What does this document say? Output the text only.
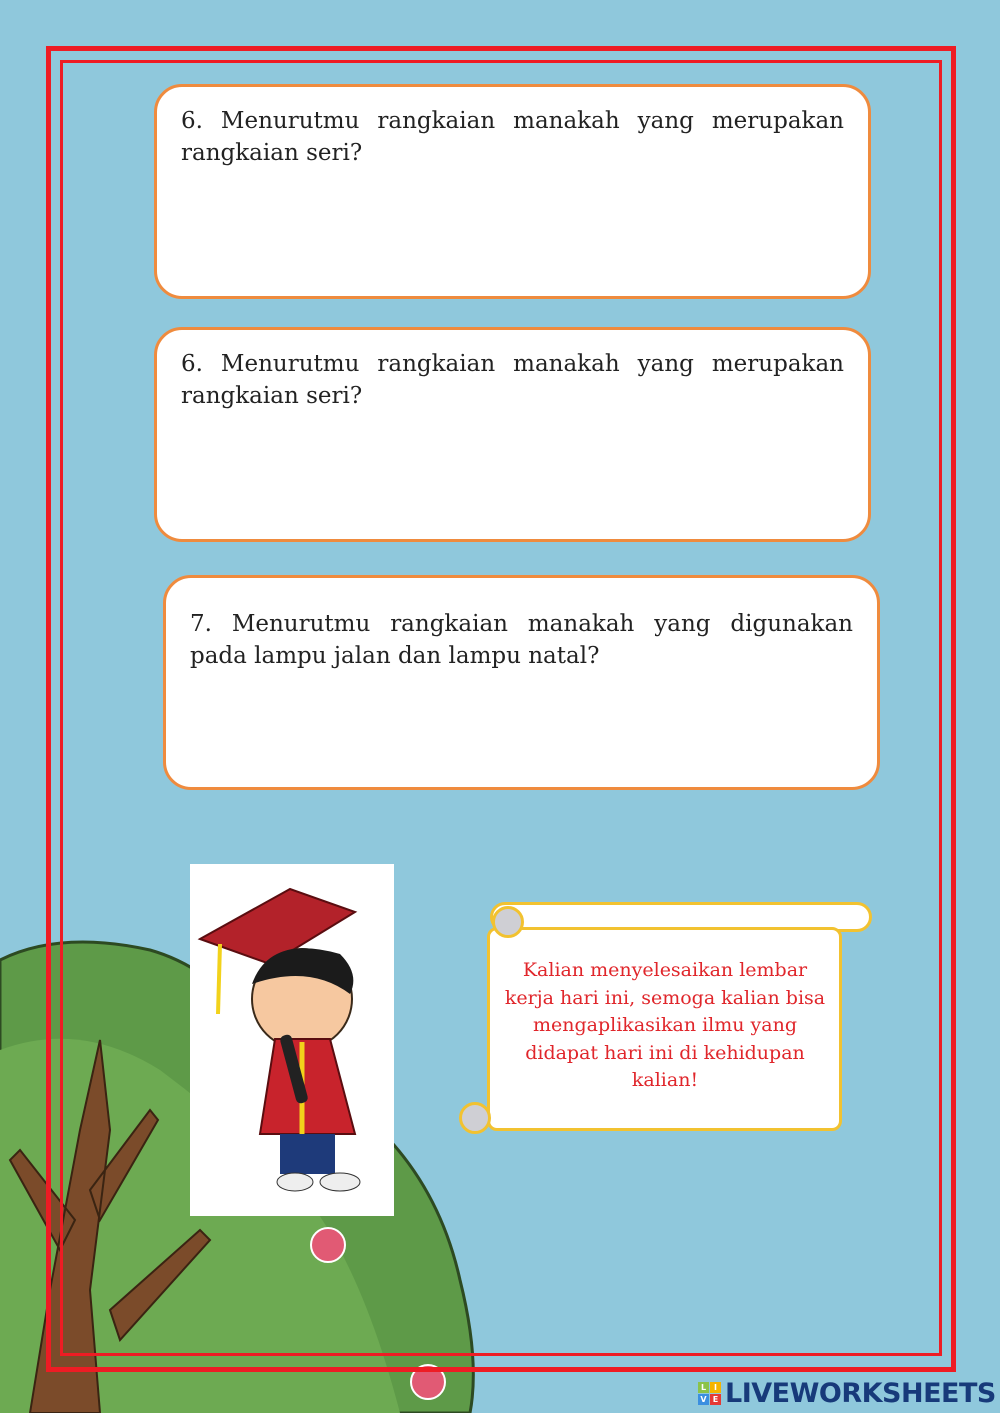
6. Menurutmu rangkaian manakah yang merupakan rangkaian seri?
6. Menurutmu rangkaian manakah yang merupakan rangkaian seri?
7. Menurutmu rangkaian manakah yang digunakan pada lampu jalan dan lampu natal?
Kalian menyelesaikan lembar kerja hari ini, semoga kalian bisa mengaplikasikan ilmu yang didapat hari ini di kehidupan kalian!
L I
V E LIVEWORKSHEETS
